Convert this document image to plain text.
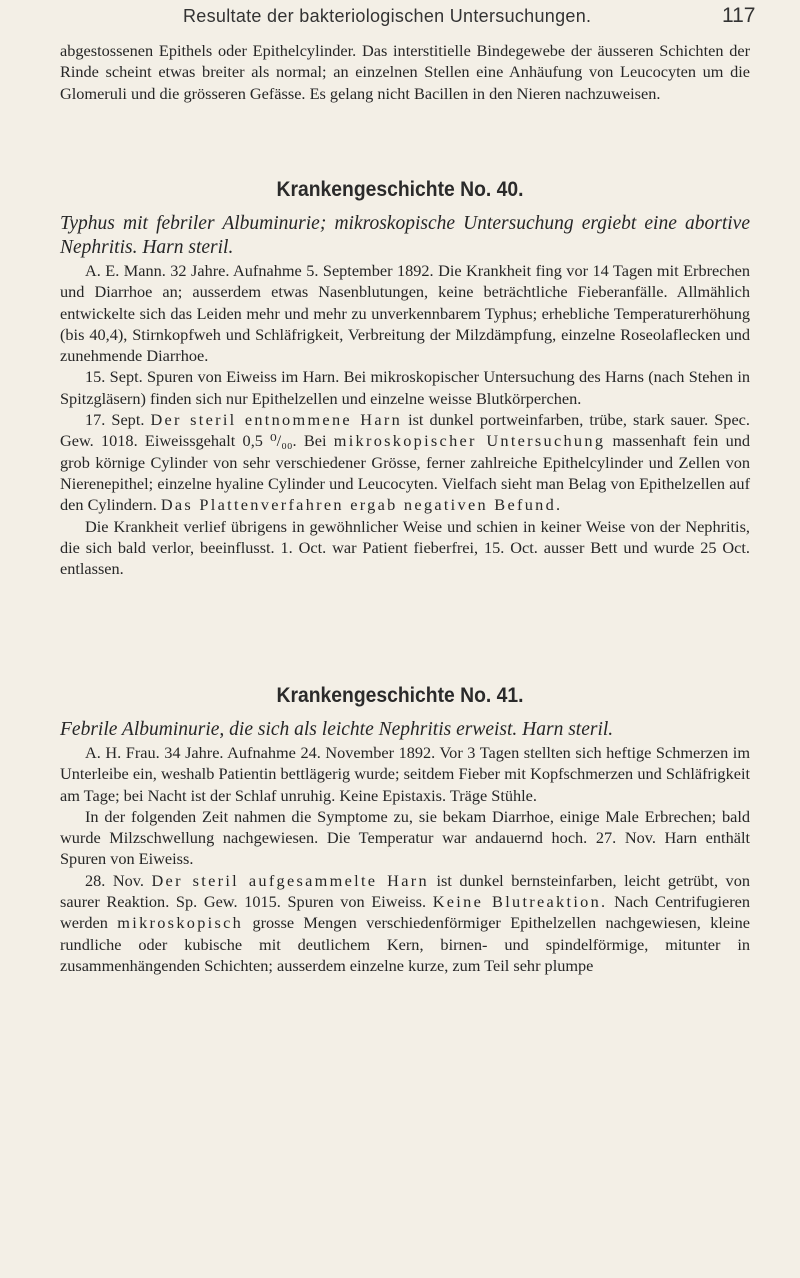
Resultate der bakteriologischen Untersuchungen.	117

abgestossenen Epithels oder Epithelcylinder. Das interstitielle Bindegewebe der äusseren Schichten der Rinde scheint etwas breiter als normal; an einzelnen Stellen eine Anhäufung von Leucocyten um die Glomeruli und die grösseren Gefässe. Es gelang nicht Bacillen in den Nieren nachzuweisen.

Krankengeschichte No. 40.

Typhus mit febriler Albuminurie; mikroskopische Untersuchung ergiebt eine abortive Nephritis. Harn steril.

A. E. Mann. 32 Jahre. Aufnahme 5. September 1892. Die Krankheit fing vor 14 Tagen mit Erbrechen und Diarrhoe an; ausserdem etwas Nasenblutungen, keine beträchtliche Fieberanfälle. Allmählich entwickelte sich das Leiden mehr und mehr zu unverkennbarem Typhus; erhebliche Temperaturerhöhung (bis 40,4), Stirnkopfweh und Schläfrigkeit, Verbreitung der Milzdämpfung, einzelne Roseolaflecken und zunehmende Diarrhoe.

15. Sept. Spuren von Eiweiss im Harn. Bei mikroskopischer Untersuchung des Harns (nach Stehen in Spitzgläsern) finden sich nur Epithelzellen und einzelne weisse Blutkörperchen.

17. Sept. Der steril entnommene Harn ist dunkel portweinfarben, trübe, stark sauer. Spec. Gew. 1018. Eiweissgehalt 0,5 ⁰/₀₀. Bei mikroskopischer Untersuchung massenhaft fein und grob körnige Cylinder von sehr verschiedener Grösse, ferner zahlreiche Epithelcylinder und Zellen von Nierenepithel; einzelne hyaline Cylinder und Leucocyten. Vielfach sieht man Belag von Epithelzellen auf den Cylindern. Das Plattenverfahren ergab negativen Befund.

Die Krankheit verlief übrigens in gewöhnlicher Weise und schien in keiner Weise von der Nephritis, die sich bald verlor, beeinflusst. 1. Oct. war Patient fieberfrei, 15. Oct. ausser Bett und wurde 25 Oct. entlassen.

Krankengeschichte No. 41.

Febrile Albuminurie, die sich als leichte Nephritis erweist. Harn steril.

A. H. Frau. 34 Jahre. Aufnahme 24. November 1892. Vor 3 Tagen stellten sich heftige Schmerzen im Unterleibe ein, weshalb Patientin bettlägerig wurde; seitdem Fieber mit Kopfschmerzen und Schläfrigkeit am Tage; bei Nacht ist der Schlaf unruhig. Keine Epistaxis. Träge Stühle.

In der folgenden Zeit nahmen die Symptome zu, sie bekam Diarrhoe, einige Male Erbrechen; bald wurde Milzschwellung nachgewiesen. Die Temperatur war andauernd hoch. 27. Nov. Harn enthält Spuren von Eiweiss.

28. Nov. Der steril aufgesammelte Harn ist dunkel bernsteinfarben, leicht getrübt, von saurer Reaktion. Sp. Gew. 1015. Spuren von Eiweiss. Keine Blutreaktion. Nach Centrifugieren werden mikroskopisch grosse Mengen verschiedenförmiger Epithelzellen nachgewiesen, kleine rundliche oder kubische mit deutlichem Kern, birnen- und spindelförmige, mitunter in zusammenhängenden Schichten; ausserdem einzelne kurze, zum Teil sehr plumpe
